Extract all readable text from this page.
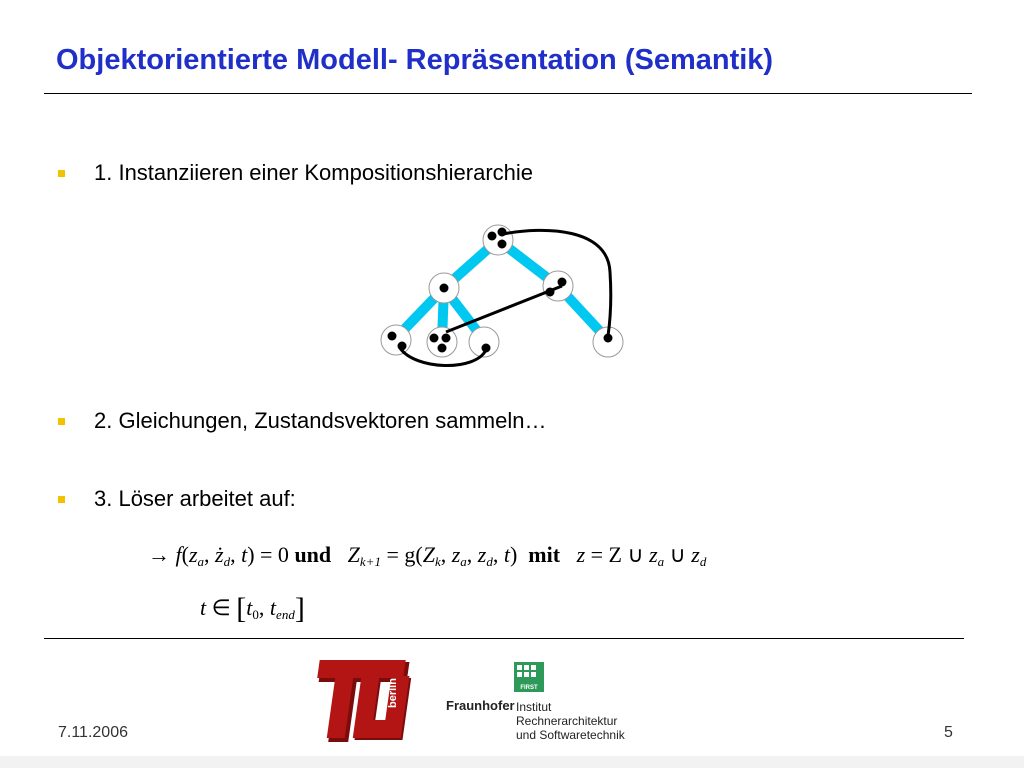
Objektorientierte Modell- Repräsentation (Semantik)
1. Instanziieren einer Kompositionshierarchie
2. Gleichungen, Zustandsvektoren sammeln…
3. Löser arbeitet auf:
→ $f(z_a$, $ż_d$, t) = 0 und $Z_{k+1} = g(Z_k$, $z_a$, $z_d$, t) mit z = Z ∪ $z_a$ ∪ $z_d$
t ∈ [$t_0$, $t_{end}$]
berlin	Fraunhofer
FIRST
Institut
Rechnerarchitektur
und Softwaretechnik
7.11.2006	5
